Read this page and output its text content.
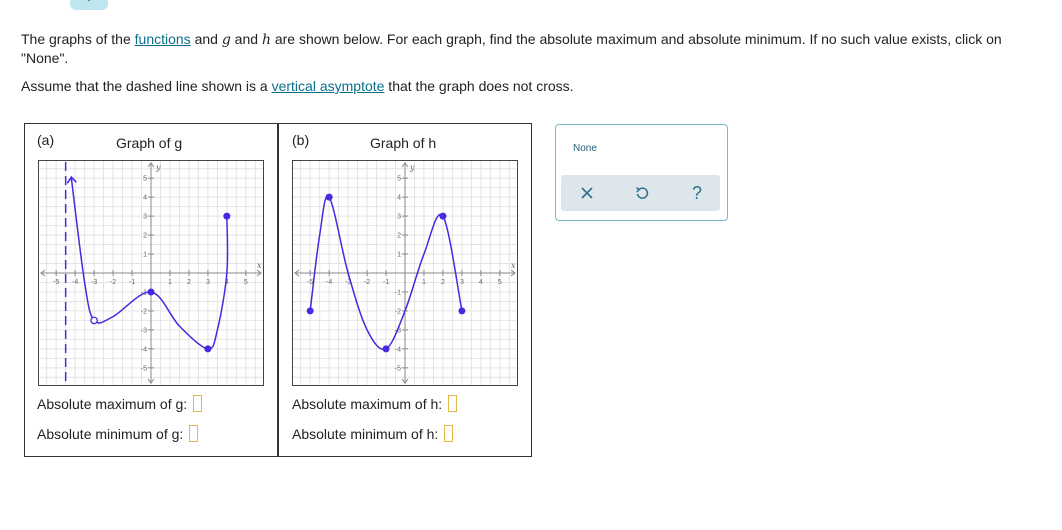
The graphs of the functions and g and h are shown below. For each graph, find the absolute maximum and absolute minimum. If no such value exists, click on
"None".
Assume that the dashed line shown is a vertical asymptote that the graph does not cross.
(a)	Graph of g
-5 -4 -3 -2 -1	1 2 3 4 5
5
4
3
2
1
-1
-2
-3
-4
-5
x
y
Absolute maximum of g:
Absolute minimum of g:
(b)	Graph of h
-5 -4 -3 -2 -1	1 2 3 4 5
5
4
3
2
1
-1
-2
-3
-4
-5
x
y
Absolute maximum of h:
Absolute minimum of h:
None
?
